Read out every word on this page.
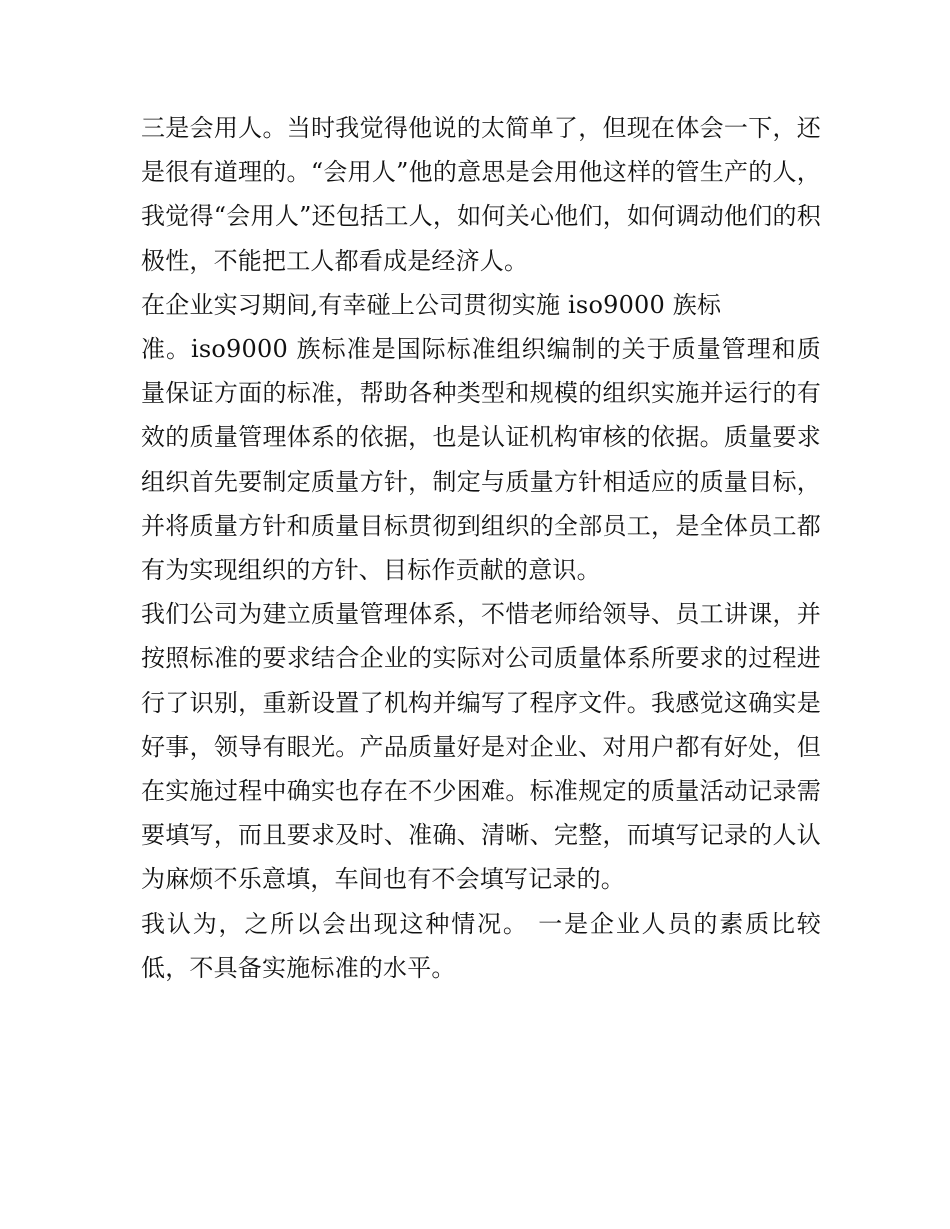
三是会用人。当时我觉得他说的太简单了，但现在体会一下，还是很有道理的。“会用人”他的意思是会用他这样的管生产的人，我觉得“会用人”还包括工人，如何关心他们，如何调动他们的积极性，不能把工人都看成是经济人。

在企业实习期间,有幸碰上公司贯彻实施 iso9000 族标

准。iso9000 族标准是国际标准组织编制的关于质量管理和质量保证方面的标准，帮助各种类型和规模的组织实施并运行的有效的质量管理体系的依据，也是认证机构审核的依据。质量要求组织首先要制定质量方针，制定与质量方针相适应的质量目标，并将质量方针和质量目标贯彻到组织的全部员工，是全体员工都有为实现组织的方针、目标作贡献的意识。

我们公司为建立质量管理体系，不惜老师给领导、员工讲课，并按照标准的要求结合企业的实际对公司质量体系所要求的过程进行了识别，重新设置了机构并编写了程序文件。我感觉这确实是好事，领导有眼光。产品质量好是对企业、对用户都有好处，但在实施过程中确实也存在不少困难。标准规定的质量活动记录需要填写，而且要求及时、准确、清晰、完整，而填写记录的人认为麻烦不乐意填，车间也有不会填写记录的。

我认为，之所以会出现这种情况。 一是企业人员的素质比较低，不具备实施标准的水平。
